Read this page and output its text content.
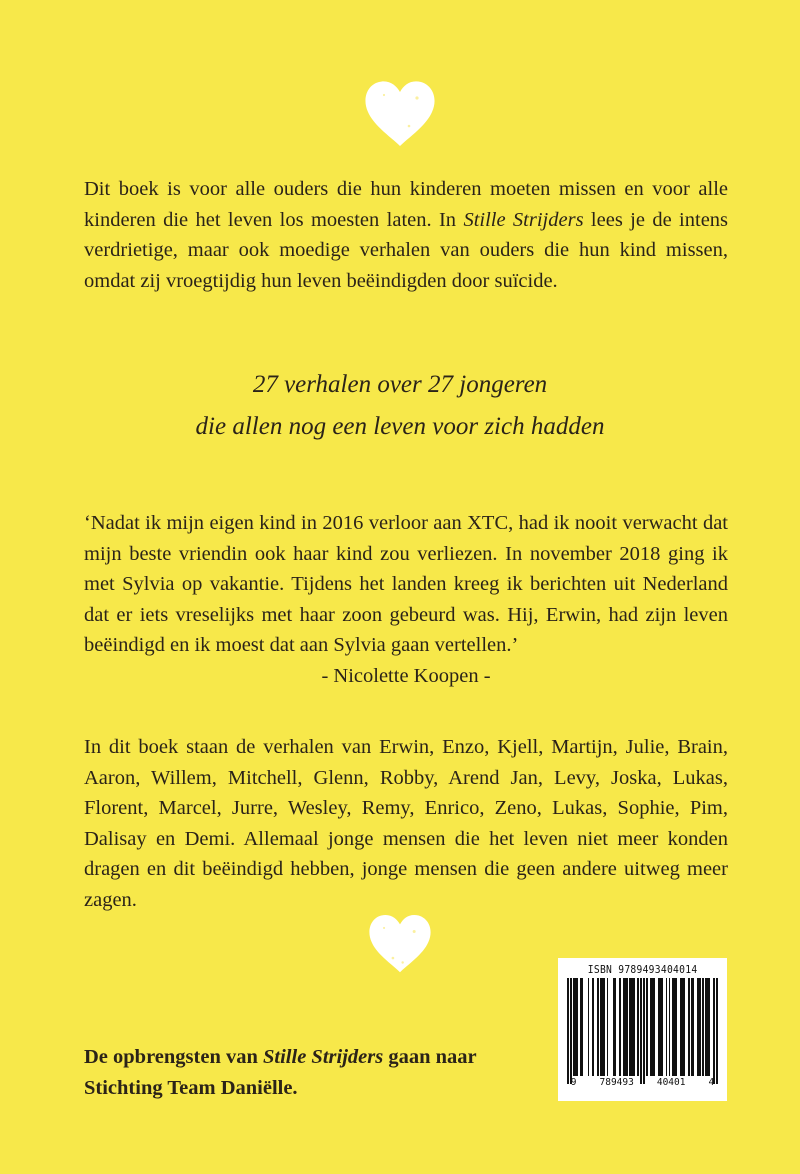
Dit boek is voor alle ouders die hun kinderen moeten missen en voor alle kinderen die het leven los moesten laten. In Stille Strijders lees je de intens verdrietige, maar ook moedige verhalen van ouders die hun kind missen, omdat zij vroegtijdig hun leven beëindigden door suïcide.

27 verhalen over 27 jongeren
die allen nog een leven voor zich hadden

‘Nadat ik mijn eigen kind in 2016 verloor aan XTC, had ik nooit verwacht dat mijn beste vriendin ook haar kind zou verliezen. In november 2018 ging ik met Sylvia op vakantie. Tijdens het landen kreeg ik berichten uit Nederland dat er iets vreselijks met haar zoon gebeurd was. Hij, Erwin, had zijn leven beëindigd en ik moest dat aan Sylvia gaan vertellen.’

- Nicolette Koopen -

In dit boek staan de verhalen van Erwin, Enzo, Kjell, Martijn, Julie, Brain, Aaron, Willem, Mitchell, Glenn, Robby, Arend Jan, Levy, Joska, Lukas, Florent, Marcel, Jurre, Wesley, Remy, Enrico, Zeno, Lukas, Sophie, Pim, Dalisay en Demi. Allemaal jonge mensen die het leven niet meer konden dragen en dit beëindigd hebben, jonge mensen die geen andere uitweg meer zagen.

De opbrengsten van Stille Strijders gaan naar Stichting Team Daniëlle.
ISBN 9789493404014
9 789493 40401 4
